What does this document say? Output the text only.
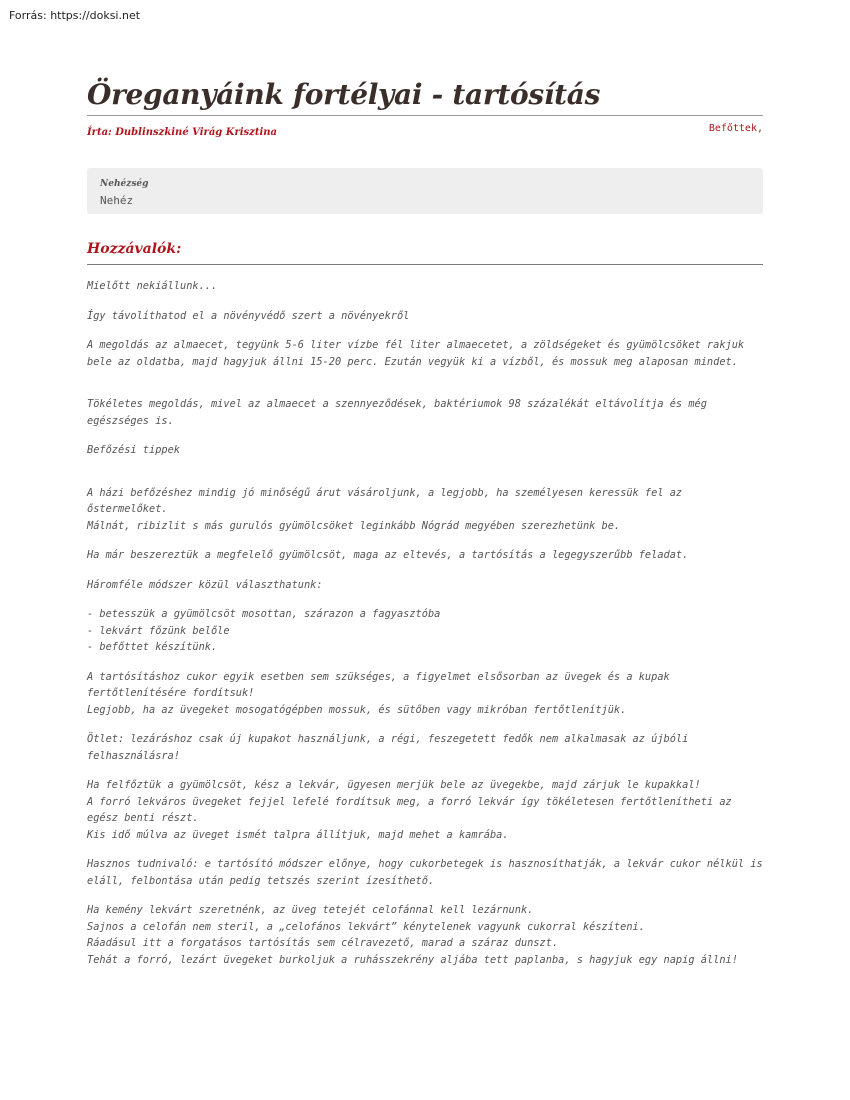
Forrás: https://doksi.net
Öreganyáink fortélyai - tartósítás
Írta: Dublinszkiné Virág Krisztina	Befőttek,
Nehézség
Nehéz
Hozzávalók:

Mielőtt nekiállunk...

Így távolíthatod el a növényvédő szert a növényekről

A megoldás az almaecet, tegyünk 5-6 liter vízbe fél liter almaecetet, a zöldségeket és gyümölcsöket rakjuk bele az oldatba, majd hagyjuk állni 15-20 perc. Ezután vegyük ki a vízből, és mossuk meg alaposan mindet.

Tökéletes megoldás, mivel az almaecet a szennyeződések, baktériumok 98 százalékát eltávolítja és még egészséges is.

Befőzési tippek

A házi befőzéshez mindig jó minőségű árut vásároljunk, a legjobb, ha személyesen keressük fel az őstermelőket.
Málnát, ribizlit s más gurulós gyümölcsöket leginkább Nógrád megyében szerezhetünk be.

Ha már beszereztük a megfelelő gyümölcsöt, maga az eltevés, a tartósítás a legegyszerűbb feladat.

Háromféle módszer közül választhatunk:

- betesszük a gyümölcsöt mosottan, szárazon a fagyasztóba
- lekvárt főzünk belőle
- befőttet készítünk.

A tartósításhoz cukor egyik esetben sem szükséges, a figyelmet elsősorban az üvegek és a kupak fertőtlenítésére fordítsuk!
Legjobb, ha az üvegeket mosogatógépben mossuk, és sütőben vagy mikróban fertőtlenítjük.

Ötlet: lezáráshoz csak új kupakot használjunk, a régi, feszegetett fedők nem alkalmasak az újbóli felhasználásra!

Ha felfőztük a gyümölcsöt, kész a lekvár, ügyesen merjük bele az üvegekbe, majd zárjuk le kupakkal!
A forró lekváros üvegeket fejjel lefelé fordítsuk meg, a forró lekvár így tökéletesen fertőtlenítheti az egész benti részt.
Kis idő múlva az üveget ismét talpra állítjuk, majd mehet a kamrába.

Hasznos tudnivaló: e tartósító módszer előnye, hogy cukorbetegek is hasznosíthatják, a lekvár cukor nélkül is eláll, felbontása után pedig tetszés szerint ízesíthető.

Ha kemény lekvárt szeretnénk, az üveg tetejét celofánnal kell lezárnunk.
Sajnos a celofán nem steril, a „celofános lekvárt” kénytelenek vagyunk cukorral készíteni.
Ráadásul itt a forgatásos tartósítás sem célravezető, marad a száraz dunszt.
Tehát a forró, lezárt üvegeket burkoljuk a ruhásszekrény aljába tett paplanba, s hagyjuk egy napig állni!
